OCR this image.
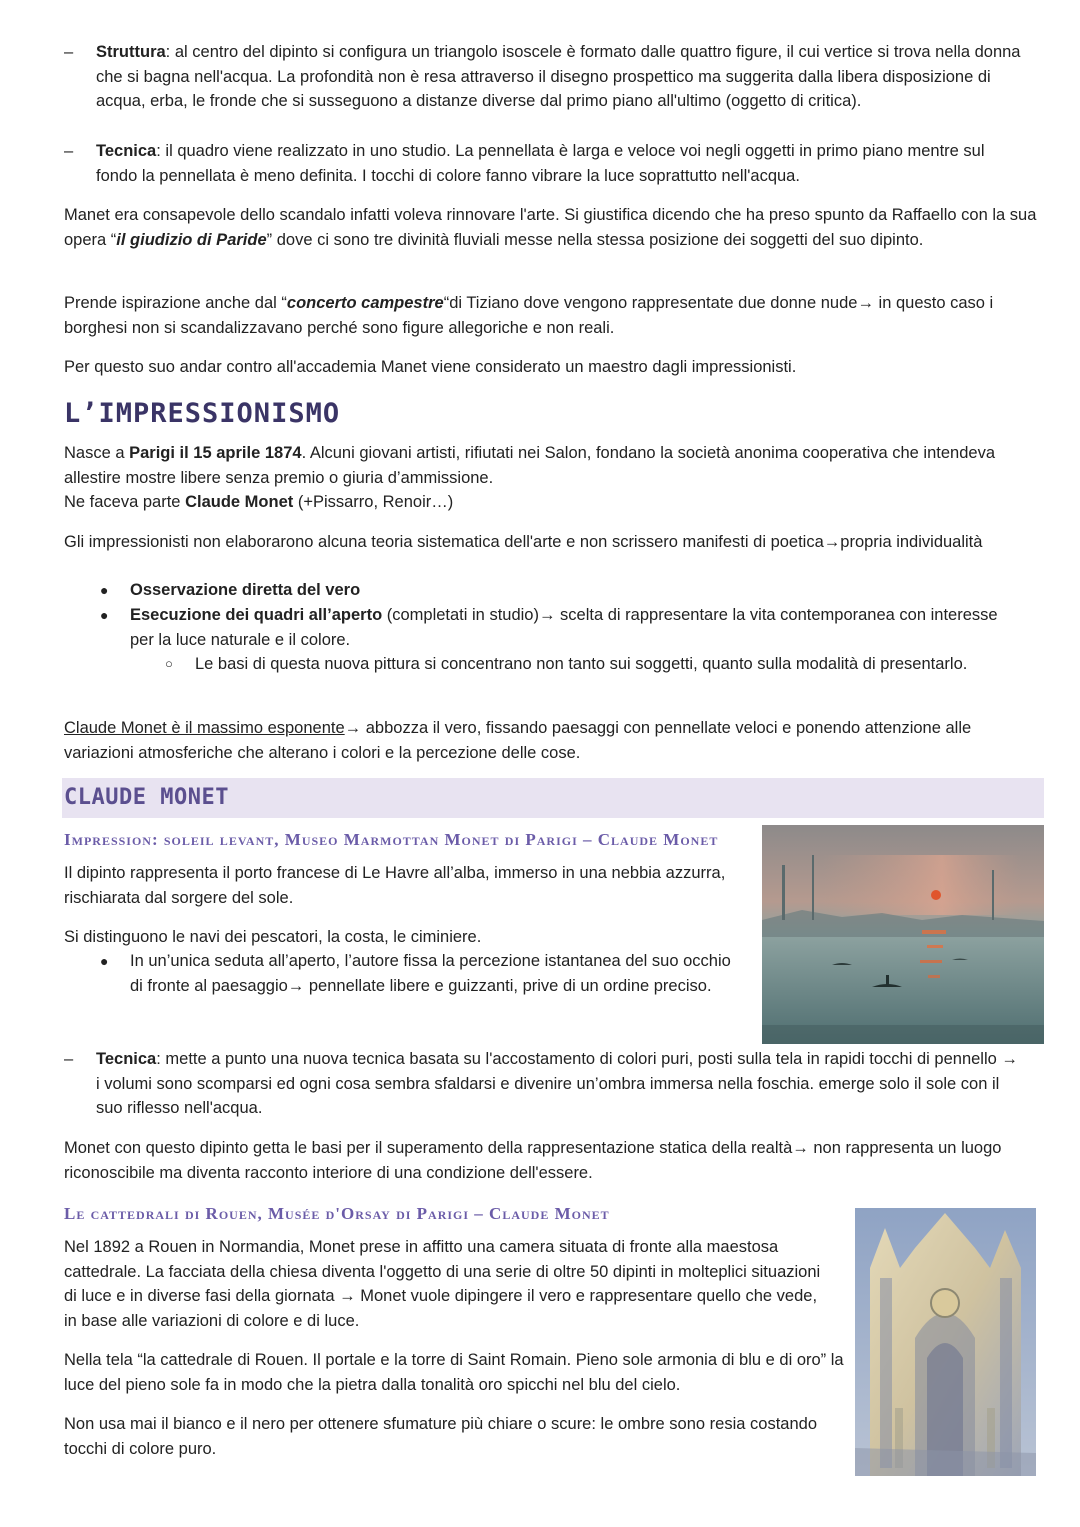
– Struttura: al centro del dipinto si configura un triangolo isoscele è formato dalle quattro figure, il cui vertice si trova nella donna che si bagna nell'acqua. La profondità non è resa attraverso il disegno prospettico ma suggerita dalla libera disposizione di acqua, erba, le fronde che si susseguono a distanze diverse dal primo piano all'ultimo (oggetto di critica).
– Tecnica: il quadro viene realizzato in uno studio. La pennellata è larga e veloce voi negli oggetti in primo piano mentre sul fondo la pennellata è meno definita. I tocchi di colore fanno vibrare la luce soprattutto nell'acqua.

Manet era consapevole dello scandalo infatti voleva rinnovare l'arte. Si giustifica dicendo che ha preso spunto da Raffaello con la sua opera “il giudizio di Paride” dove ci sono tre divinità fluviali messe nella stessa posizione dei soggetti del suo dipinto.

Prende ispirazione anche dal “concerto campestre“di Tiziano dove vengono rappresentate due donne nude→ in questo caso i borghesi non si scandalizzavano perché sono figure allegoriche e non reali.

Per questo suo andar contro all'accademia Manet viene considerato un maestro dagli impressionisti.

L’IMPRESSIONISMO

Nasce a Parigi il 15 aprile 1874. Alcuni giovani artisti, rifiutati nei Salon, fondano la società anonima cooperativa che intendeva allestire mostre libere senza premio o giuria d’ammissione.
Ne faceva parte Claude Monet (+Pissarro, Renoir…)

Gli impressionisti non elaborarono alcuna teoria sistematica dell'arte e non scrissero manifesti di poetica→propria individualità

● Osservazione diretta del vero
● Esecuzione dei quadri all’aperto (completati in studio)→ scelta di rappresentare la vita contemporanea con interesse per la luce naturale e il colore.
○ Le basi di questa nuova pittura si concentrano non tanto sui soggetti, quanto sulla modalità di presentarlo.

Claude Monet è il massimo esponente→ abbozza il vero, fissando paesaggi con pennellate veloci e ponendo attenzione alle variazioni atmosferiche che alterano i colori e la percezione delle cose.

CLAUDE MONET
Impression: soleil levant, Museo Marmottan Monet di Parigi – Claude Monet

Il dipinto rappresenta il porto francese di Le Havre all’alba, immerso in una nebbia azzurra, rischiarata dal sorgere del sole.

Si distinguono le navi dei pescatori, la costa, le ciminiere.

● In un’unica seduta all’aperto, l’autore fissa la percezione istantanea del suo occhio di fronte al paesaggio→ pennellate libere e guizzanti, prive di un ordine preciso.
– Tecnica: mette a punto una nuova tecnica basata su l'accostamento di colori puri, posti sulla tela in rapidi tocchi di pennello → i volumi sono scomparsi ed ogni cosa sembra sfaldarsi e divenire un’ombra immersa nella foschia. emerge solo il sole con il suo riflesso nell'acqua.

Monet con questo dipinto getta le basi per il superamento della rappresentazione statica della realtà→ non rappresenta un luogo riconoscibile ma diventa racconto interiore di una condizione dell'essere.

Le cattedrali di Rouen, Musée d'Orsay di Parigi – Claude Monet

Nel 1892 a Rouen in Normandia, Monet prese in affitto una camera situata di fronte alla maestosa cattedrale. La facciata della chiesa diventa l'oggetto di una serie di oltre 50 dipinti in molteplici situazioni di luce e in diverse fasi della giornata → Monet vuole dipingere il vero e rappresentare quello che vede, in base alle variazioni di colore e di luce.

Nella tela “la cattedrale di Rouen. Il portale e la torre di Saint Romain. Pieno sole armonia di blu e di oro” la luce del pieno sole fa in modo che la pietra dalla tonalità oro spicchi nel blu del cielo.

Non usa mai il bianco e il nero per ottenere sfumature più chiare o scure: le ombre sono resia costando tocchi di colore puro.
